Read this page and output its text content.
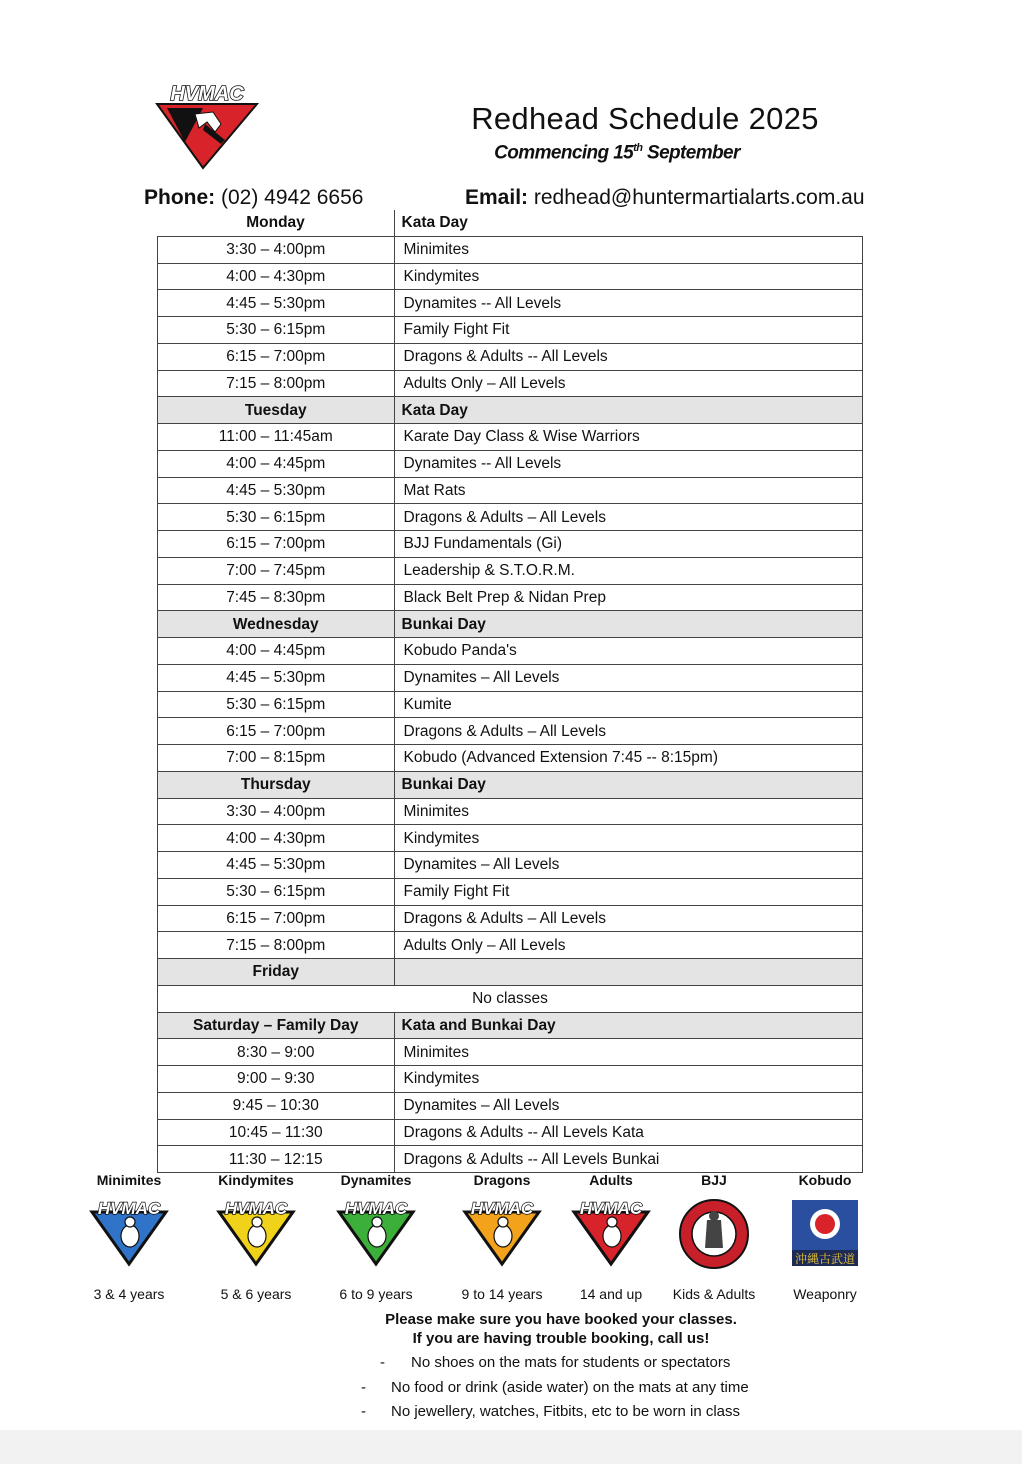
HVMAC
Redhead Schedule 2025
Commencing 15th September
Phone: (02) 4942 6656	Email: redhead@huntermartialarts.com.au
Monday	Kata Day
3:30 – 4:00pm	Minimites
4:00 – 4:30pm	Kindymites
4:45 – 5:30pm	Dynamites -- All Levels
5:30 – 6:15pm	Family Fight Fit
6:15 – 7:00pm	Dragons & Adults -- All Levels
7:15 – 8:00pm	Adults Only – All Levels
Tuesday	Kata Day
11:00 – 11:45am	Karate Day Class & Wise Warriors
4:00 – 4:45pm	Dynamites -- All Levels
4:45 – 5:30pm	Mat Rats
5:30 – 6:15pm	Dragons & Adults – All Levels
6:15 – 7:00pm	BJJ Fundamentals (Gi)
7:00 – 7:45pm	Leadership & S.T.O.R.M.
7:45 – 8:30pm	Black Belt Prep & Nidan Prep
Wednesday	Bunkai Day
4:00 – 4:45pm	Kobudo Panda's
4:45 – 5:30pm	Dynamites – All Levels
5:30 – 6:15pm	Kumite
6:15 – 7:00pm	Dragons & Adults – All Levels
7:00 – 8:15pm	Kobudo (Advanced Extension 7:45 -- 8:15pm)
Thursday	Bunkai Day
3:30 – 4:00pm	Minimites
4:00 – 4:30pm	Kindymites
4:45 – 5:30pm	Dynamites – All Levels
5:30 – 6:15pm	Family Fight Fit
6:15 – 7:00pm	Dragons & Adults – All Levels
7:15 – 8:00pm	Adults Only – All Levels
Friday	
No classes	
Saturday – Family Day	Kata and Bunkai Day
8:30 – 9:00	Minimites
9:00 – 9:30	Kindymites
9:45 – 10:30	Dynamites – All Levels
10:45 – 11:30	Dragons & Adults -- All Levels Kata
11:30 – 12:15	Dragons & Adults -- All Levels Bunkai
Minimites
HVMAC
3 & 4 years
Kindymites
HVMAC
5 & 6 years
Dynamites
HVMAC
6 to 9 years
Dragons
HVMAC
9 to 14 years
Adults
HVMAC
14 and up
BJJ
Kids & Adults
Kobudo
沖縄古武道
Weaponry
Please make sure you have booked your classes.
If you are having trouble booking, call us!
- No shoes on the mats for students or spectators
- No food or drink (aside water) on the mats at any time
- No jewellery, watches, Fitbits, etc to be worn in class
